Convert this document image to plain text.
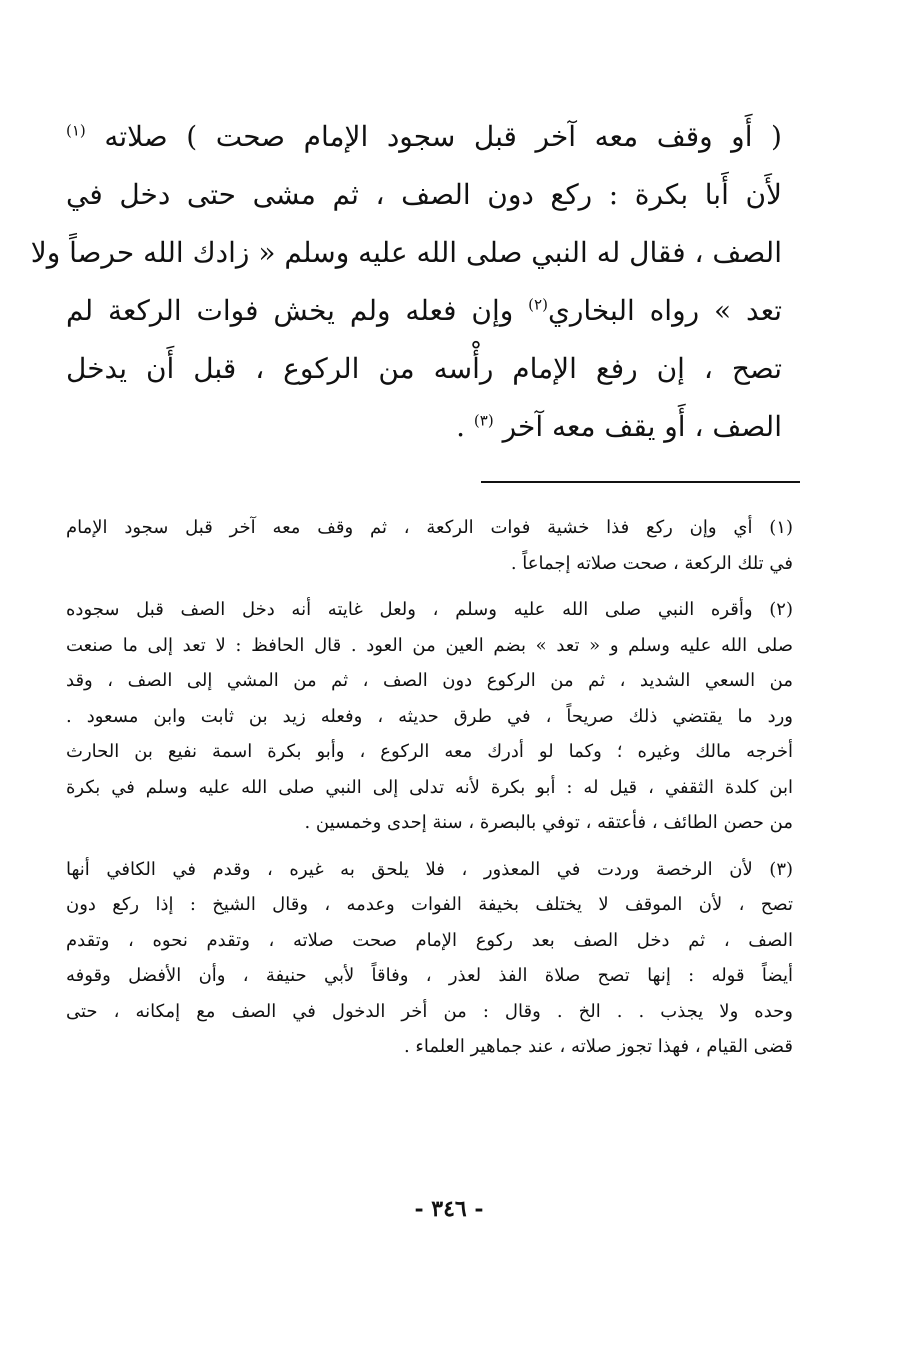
( أَو وقف معه آخر قبل سجود الإمام صحت ) صلاته $^{(١)}$
لأَن أَبا بكرة : ركع دون الصف ، ثم مشى حتى دخل في
الصف ، فقال له النبي صلى الله عليه وسلم « زادك الله حرصاً ولا
تعد » رواه البخاري$^{(٢)}$ وإن فعله ولم يخش فوات الركعة لم
تصح ، إن رفع الإمام رأْسه من الركوع ، قبل أَن يدخل
الصف ، أَو يقف معه آخر $^{(٣)}$ .

(١) أي وإن ركع فذا خشية فوات الركعة ، ثم وقف معه آخر قبل سجود الإمام
في تلك الركعة ، صحت صلاته إجماعاً .

(٢) وأقره النبي صلى الله عليه وسلم ، ولعل غايته أنه دخل الصف قبل سجوده
صلى الله عليه وسلم و « تعد » بضم العين من العود . قال الحافظ : لا تعد إلى ما صنعت
من السعي الشديد ، ثم من الركوع دون الصف ، ثم من المشي إلى الصف ، وقد
ورد ما يقتضي ذلك صريحاً ، في طرق حديثه ، وفعله زيد بن ثابت وابن مسعود .
أخرجه مالك وغيره ؛ وكما لو أدرك معه الركوع ، وأبو بكرة اسمة نفيع بن الحارث
ابن كلدة الثقفي ، قيل له : أبو بكرة لأنه تدلى إلى النبي صلى الله عليه وسلم في بكرة
من حصن الطائف ، فأعتقه ، توفي بالبصرة ، سنة إحدى وخمسين .

(٣) لأن الرخصة وردت في المعذور ، فلا يلحق به غيره ، وقدم في الكافي أنها
تصح ، لأن الموقف لا يختلف بخيفة الفوات وعدمه ، وقال الشيخ : إذا ركع دون
الصف ، ثم دخل الصف بعد ركوع الإمام صحت صلاته ، وتقدم نحوه ، وتقدم
أيضاً قوله : إنها تصح صلاة الفذ لعذر ، وفاقاً لأبي حنيفة ، وأن الأفضل وقوفه
وحده ولا يجذب . . الخ . وقال : من أخر الدخول في الصف مع إمكانه ، حتى
قضى القيام ، فهذا تجوز صلاته ، عند جماهير العلماء .

- ٣٤٦ -
